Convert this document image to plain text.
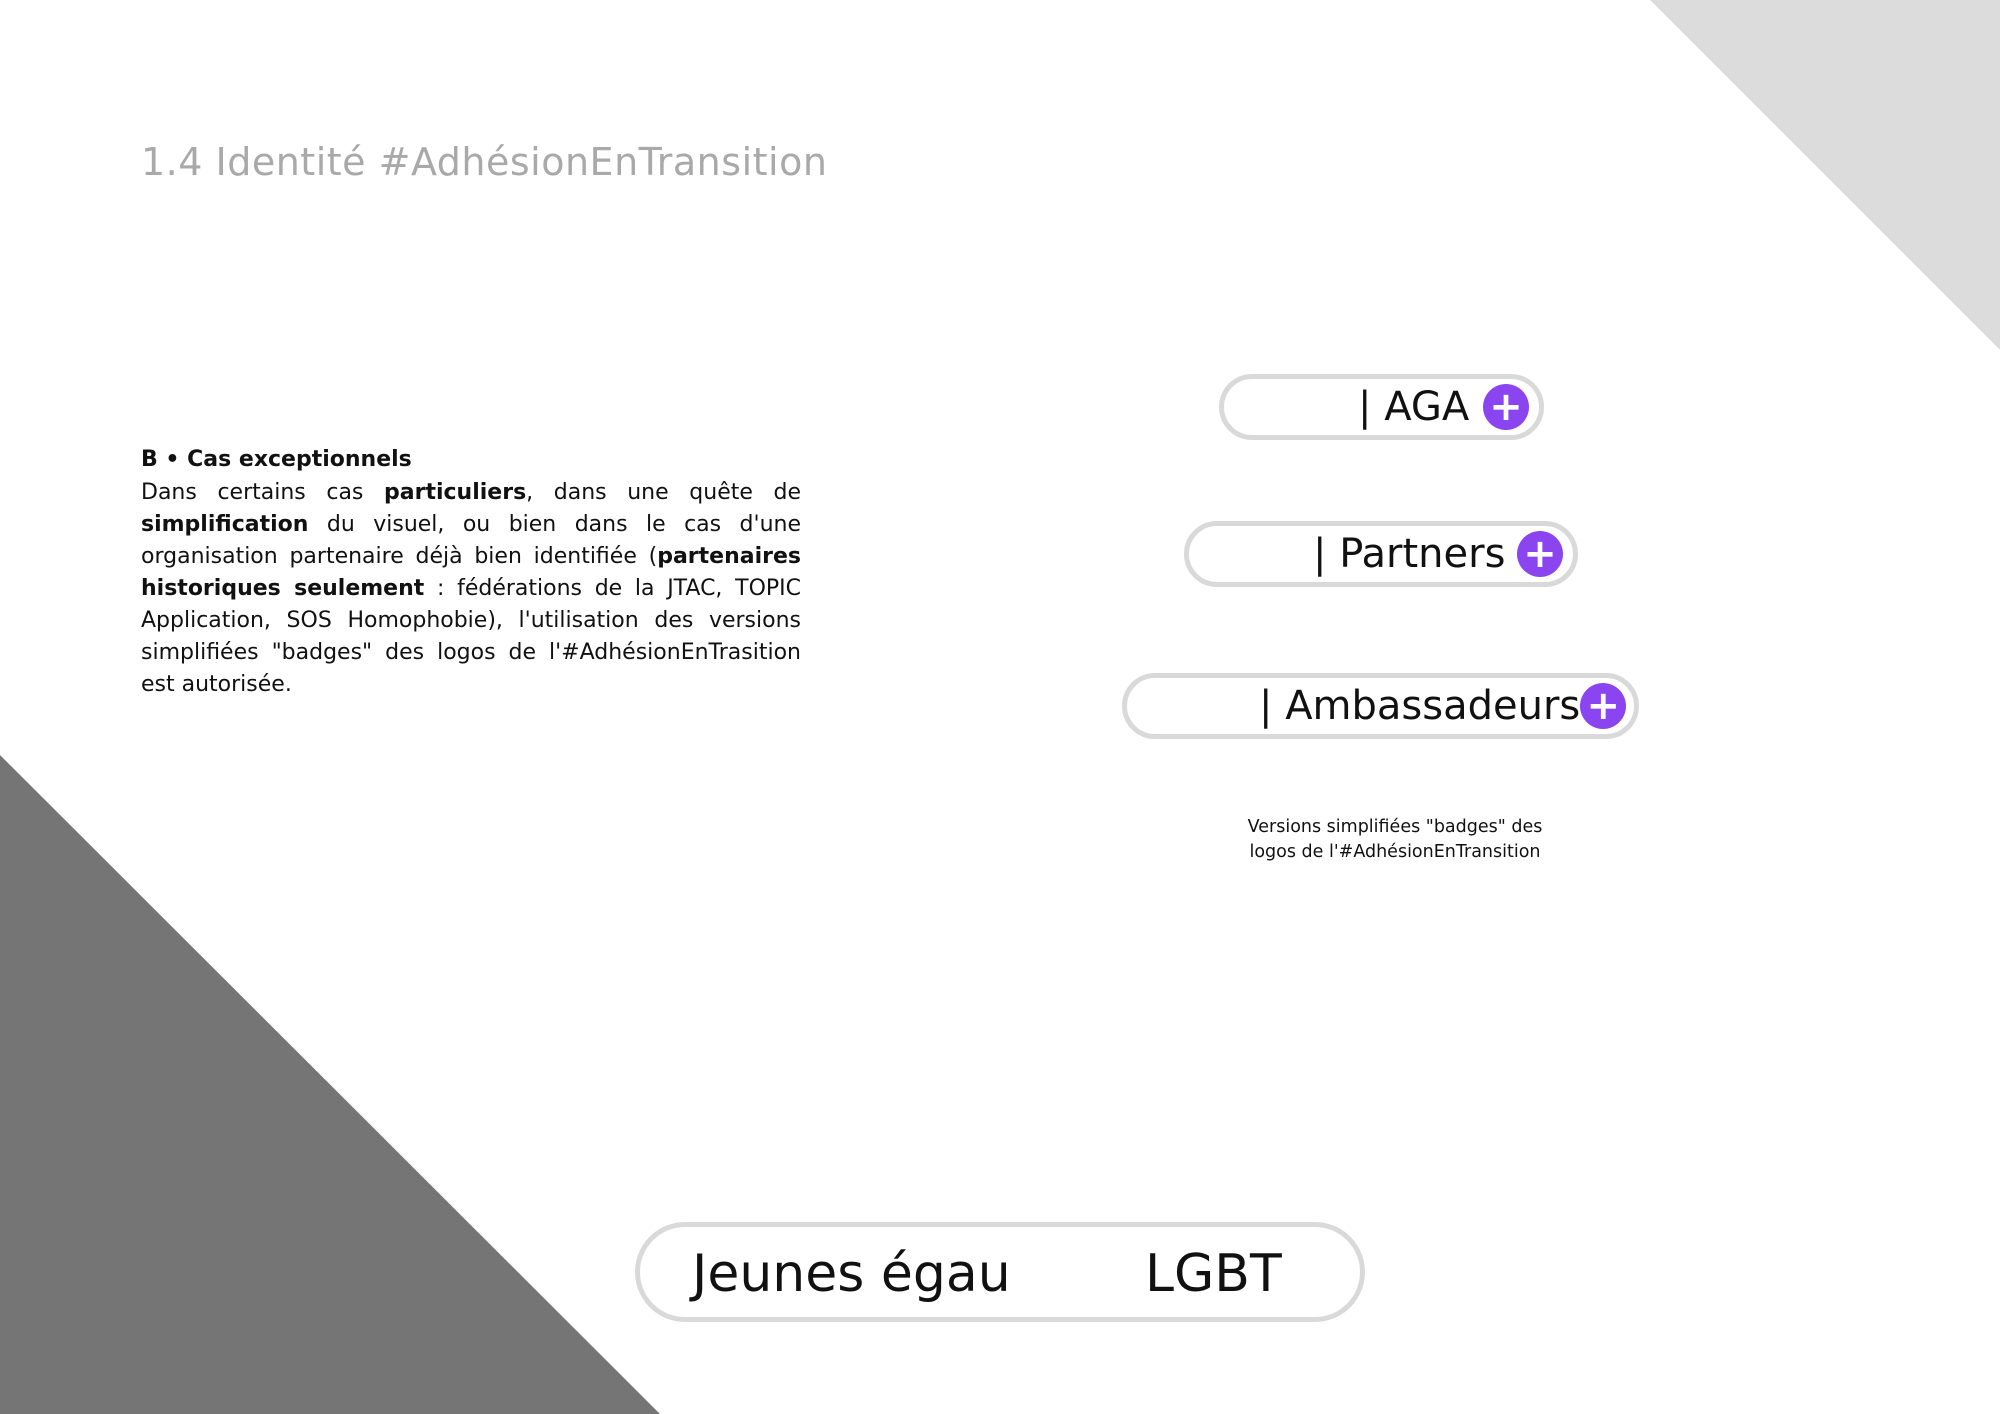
1.4 Identité #AdhésionEnTransition
B • Cas exceptionnels
Dans certains cas particuliers, dans une quête de simplification du visuel, ou bien dans le cas d'une organisation partenaire déjà bien identifiée (partenaires historiques seulement : fédérations de la JTAC, TOPIC Application, SOS Homophobie), l'utilisation des versions simplifiées "badges" des logos de l'#AdhésionEnTrasition est autorisée.
| AGA +
| Partners +
| Ambassadeurs +
Versions simplifiées "badges" des
logos de l'#AdhésionEnTransition
Jeunes égau	LGBT
